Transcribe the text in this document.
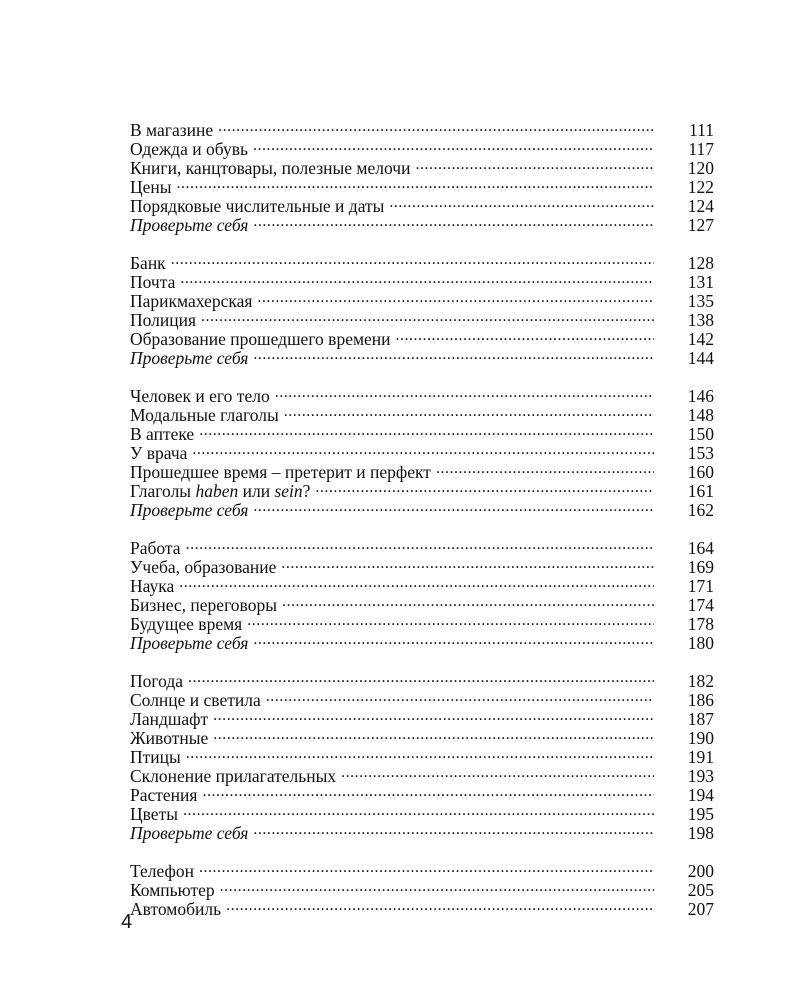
В магазине .....	111
Одежда и обувь .....	117
Книги, канцтовары, полезные мелочи .....	120
Цены .....	122
Порядковые числительные и даты .....	124
Проверьте себя .....	127
Банк .....	128
Почта .....	131
Парикмахерская .....	135
Полиция .....	138
Образование прошедшего времени .....	142
Проверьте себя .....	144
Человек и его тело .....	146
Модальные глаголы .....	148
В аптеке .....	150
У врача .....	153
Прошедшее время – претерит и перфект .....	160
Глаголы haben или sein? .....	161
Проверьте себя .....	162
Работа .....	164
Учеба, образование .....	169
Наука .....	171
Бизнес, переговоры .....	174
Будущее время .....	178
Проверьте себя .....	180
Погода .....	182
Солнце и светила .....	186
Ландшафт .....	187
Животные .....	190
Птицы .....	191
Склонение прилагательных .....	193
Растения .....	194
Цветы .....	195
Проверьте себя .....	198
Телефон .....	200
Компьютер .....	205
Автомобиль .....	207
4
